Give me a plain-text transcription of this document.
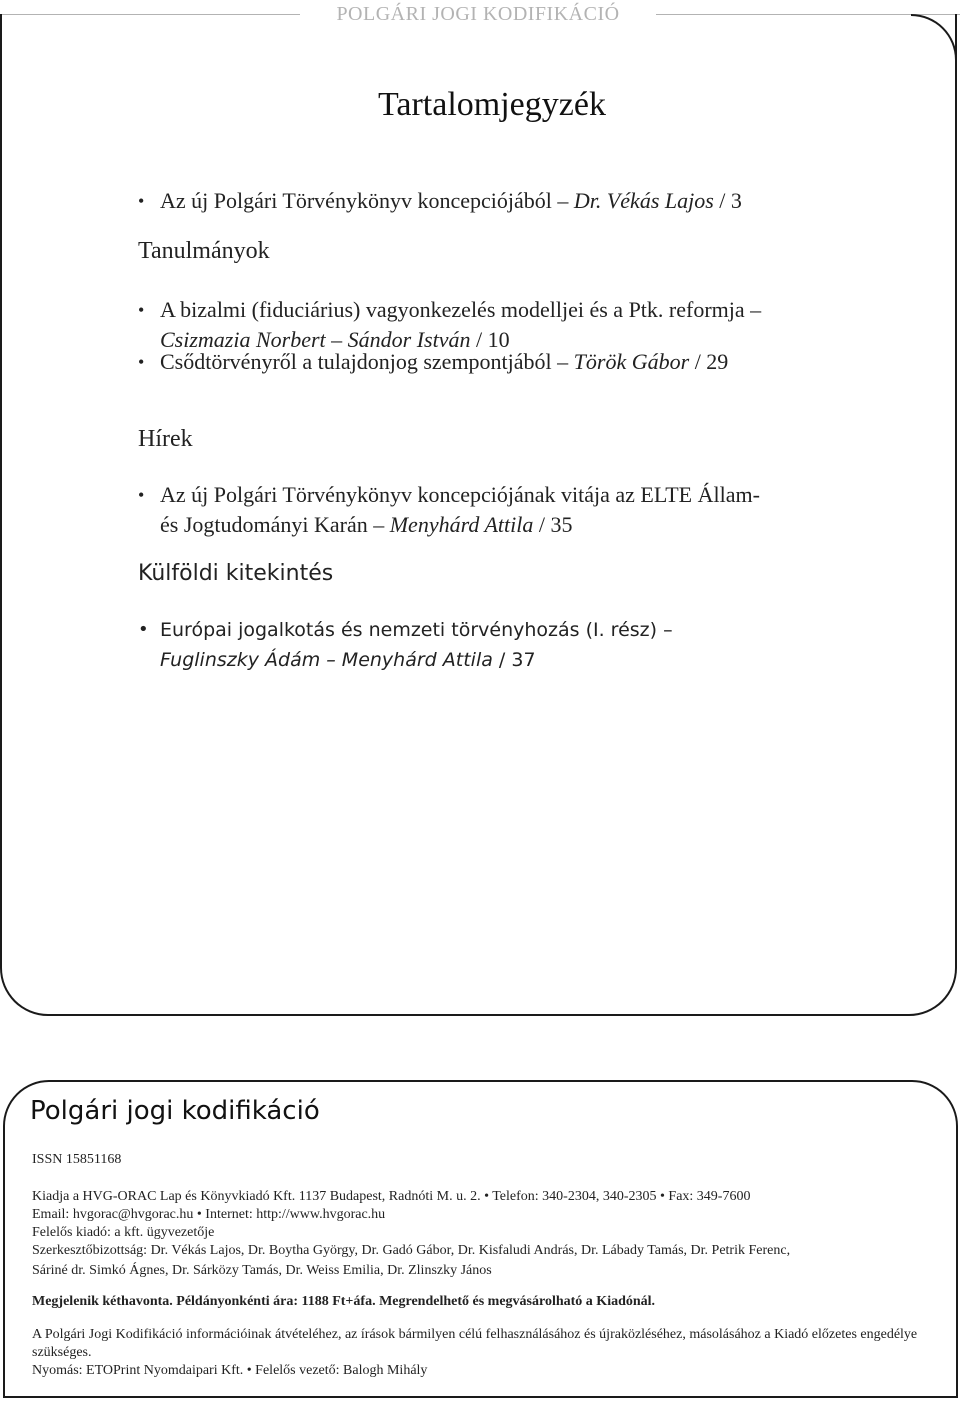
POLGÁRI JOGI KODIFIKÁCIÓ
Tartalomjegyzék
• Az új Polgári Törvénykönyv koncepciójából – Dr. Vékás Lajos / 3
Tanulmányok
• A bizalmi (fiduciárius) vagyonkezelés modelljei és a Ptk. reformja –
Csizmazia Norbert – Sándor István / 10
• Csődtörvényről a tulajdonjog szempontjából – Török Gábor / 29
Hírek
• Az új Polgári Törvénykönyv koncepciójának vitája az ELTE Állam-
és Jogtudományi Karán – Menyhárd Attila / 35
Külföldi kitekintés
• Európai jogalkotás és nemzeti törvényhozás (I. rész) –
Fuglinszky Ádám – Menyhárd Attila / 37
Polgári jogi kodifikáció
ISSN 15851168
Kiadja a HVG-ORAC Lap és Könyvkiadó Kft. 1137 Budapest, Radnóti M. u. 2. • Telefon: 340-2304, 340-2305 • Fax: 349-7600
Email: hvgorac@hvgorac.hu • Internet: http://www.hvgorac.hu
Felelős kiadó: a kft. ügyvezetője
Szerkesztőbizottság: Dr. Vékás Lajos, Dr. Boytha György, Dr. Gadó Gábor, Dr. Kisfaludi András, Dr. Lábady Tamás, Dr. Petrik Ferenc,
Sáriné dr. Simkó Ágnes, Dr. Sárközy Tamás, Dr. Weiss Emilia, Dr. Zlinszky János
Megjelenik kéthavonta. Példányonkénti ára: 1188 Ft+áfa. Megrendelhető és megvásárolható a Kiadónál.
A Polgári Jogi Kodifikáció információinak átvételéhez, az írások bármilyen célú felhasználásához és újraközléséhez, másolásához a Kiadó előzetes engedélye szükséges.
Nyomás: ETOPrint Nyomdaipari Kft. • Felelős vezető: Balogh Mihály
